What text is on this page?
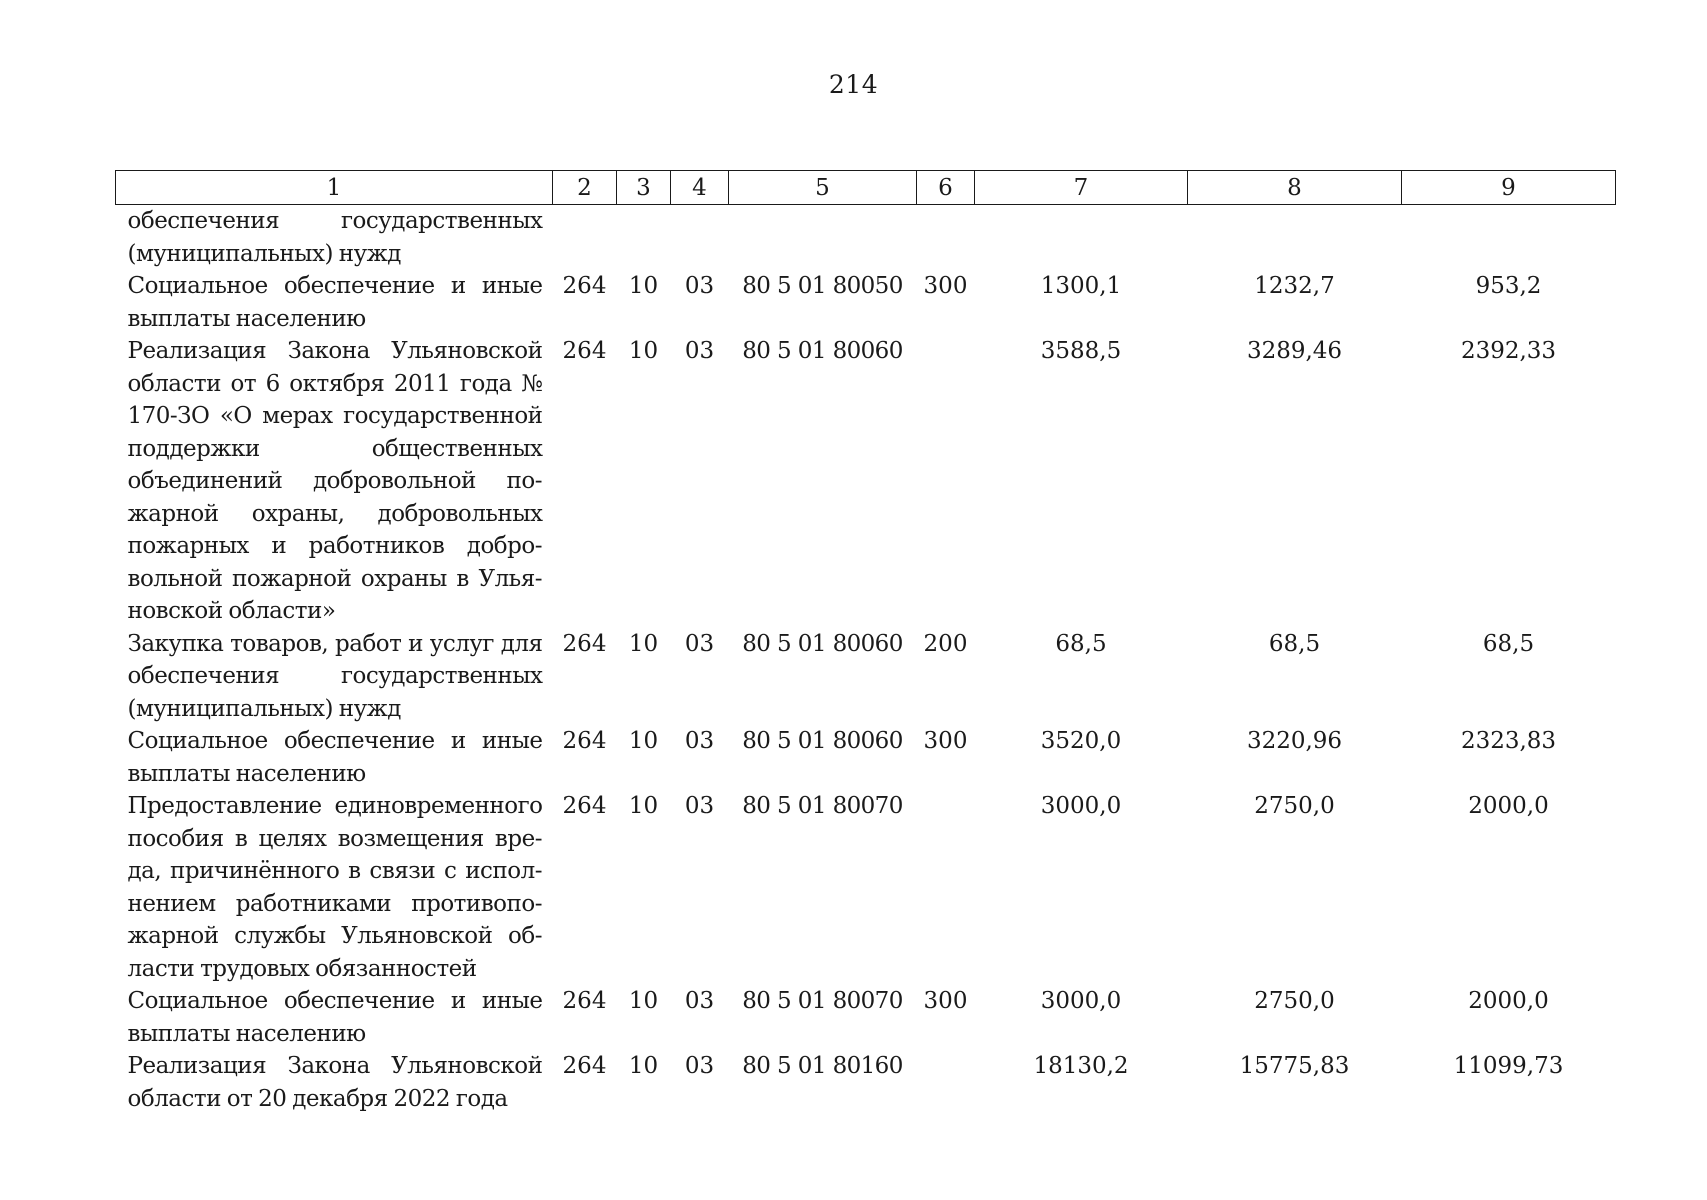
214
1	2	3	4	5	6	7	8	9
обеспечения государственных (муниципальных) нужд								
Социальное обеспечение и иные выплаты населению	264	10	03	80 5 01 80050	300	1300,1	1232,7	953,2
Реализация Закона Ульяновской области от 6 октября 2011 года № 170-ЗО «О мерах государственной поддержки общественных объединений добровольной пожарной охраны, добровольных пожарных и работников добровольной пожарной охраны в Ульяновской области»	264	10	03	80 5 01 80060		3588,5	3289,46	2392,33
Закупка товаров, работ и услуг для обеспечения государственных (муниципальных) нужд	264	10	03	80 5 01 80060	200	68,5	68,5	68,5
Социальное обеспечение и иные выплаты населению	264	10	03	80 5 01 80060	300	3520,0	3220,96	2323,83
Предоставление единовременного пособия в целях возмещения вреда, причинённого в связи с исполнением работниками противопожарной службы Ульяновской области трудовых обязанностей	264	10	03	80 5 01 80070		3000,0	2750,0	2000,0
Социальное обеспечение и иные выплаты населению	264	10	03	80 5 01 80070	300	3000,0	2750,0	2000,0
Реализация Закона Ульяновской области от 20 декабря 2022 года	264	10	03	80 5 01 80160		18130,2	15775,83	11099,73
